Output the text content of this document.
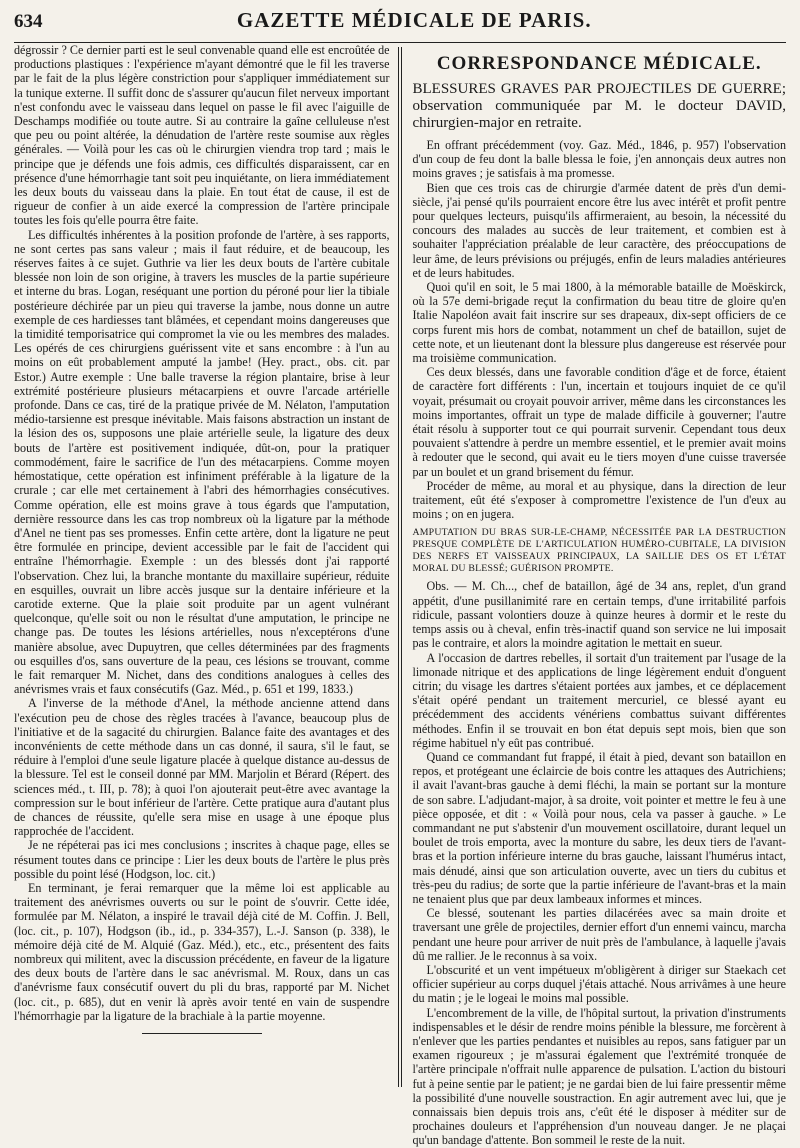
634	GAZETTE MÉDICALE DE PARIS.

dégrossir ? Ce dernier parti est le seul convenable quand elle est encroûtée de productions plastiques : l'expérience m'ayant démontré que le fil les traverse par le fait de la plus légère constriction pour s'appliquer immédiatement sur la tunique externe. Il suffit donc de s'assurer qu'aucun filet nerveux important n'est confondu avec le vaisseau dans lequel on passe le fil avec l'aiguille de Deschamps modifiée ou toute autre. Si au contraire la gaîne celluleuse n'est que peu ou point altérée, la dénudation de l'artère reste soumise aux règles générales. — Voilà pour les cas où le chirurgien viendra trop tard ; mais le principe que je défends une fois admis, ces difficultés disparaissent, car en présence d'une hémorrhagie tant soit peu inquiétante, on liera immédiatement les deux bouts du vaisseau dans la plaie. En tout état de cause, il est de rigueur de confier à un aide exercé la compression de l'artère principale toutes les fois qu'elle pourra être faite.

Les difficultés inhérentes à la position profonde de l'artère, à ses rapports, ne sont certes pas sans valeur ; mais il faut réduire, et de beaucoup, les réserves faites à ce sujet. Guthrie va lier les deux bouts de l'artère cubitale blessée non loin de son origine, à travers les muscles de la partie supérieure et interne du bras. Logan, reséquant une portion du péroné pour lier la tibiale postérieure déchirée par un pieu qui traverse la jambe, nous donne un autre exemple de ces hardiesses tant blâmées, et cependant moins dangereuses que la timidité temporisatrice qui compromet la vie ou les membres des malades. Les opérés de ces chirurgiens guérissent vite et sans encombre : à l'un au moins on eût probablement amputé la jambe! (Hey. pract., obs. cit. par Estor.) Autre exemple : Une balle traverse la région plantaire, brise à leur extrémité postérieure plusieurs métacarpiens et ouvre l'arcade artérielle profonde. Dans ce cas, tiré de la pratique privée de M. Nélaton, l'amputation médio-tarsienne est presque inévitable. Mais faisons abstraction un instant de la lésion des os, supposons une plaie artérielle seule, la ligature des deux bouts de l'artère est positivement indiquée, dût-on, pour la pratiquer commodément, faire le sacrifice de l'un des métacarpiens. Comme moyen hémostatique, cette opération est infiniment préférable à la ligature de la crurale ; car elle met certainement à l'abri des hémorrhagies consécutives. Comme opération, elle est moins grave à tous égards que l'amputation, dernière ressource dans les cas trop nombreux où la ligature par la méthode d'Anel ne tient pas ses promesses. Enfin cette artère, dont la ligature ne peut être formulée en principe, devient accessible par le fait de l'accident qui entraîne l'hémorrhagie. Exemple : un des blessés dont j'ai rapporté l'observation. Chez lui, la branche montante du maxillaire supérieur, réduite en esquilles, ouvrait un libre accès jusque sur la dentaire inférieure et la carotide externe. Que la plaie soit produite par un agent vulnérant quelconque, qu'elle soit ou non le résultat d'une amputation, le principe ne change pas. De toutes les lésions artérielles, nous n'exceptérons d'une manière absolue, avec Dupuytren, que celles déterminées par des fragments ou esquilles d'os, sans ouverture de la peau, ces lésions se trouvant, comme le fait remarquer M. Nichet, dans des conditions analogues à celles des anévrismes vrais et faux consécutifs (Gaz. Méd., p. 651 et 199, 1833.)

A l'inverse de la méthode d'Anel, la méthode ancienne attend dans l'exécution peu de chose des règles tracées à l'avance, beaucoup plus de l'initiative et de la sagacité du chirurgien. Balance faite des avantages et des inconvénients de cette méthode dans un cas donné, il saura, s'il le faut, se réduire à l'emploi d'une seule ligature placée à quelque distance au-dessus de la blessure. Tel est le conseil donné par MM. Marjolin et Bérard (Répert. des sciences méd., t. III, p. 78); à quoi l'on ajouterait peut-être avec avantage la compression sur le bout inférieur de l'artère. Cette pratique aura d'autant plus de chances de réussite, qu'elle sera mise en usage à une époque plus rapprochée de l'accident.

Je ne répéterai pas ici mes conclusions ; inscrites à chaque page, elles se résument toutes dans ce principe : Lier les deux bouts de l'artère le plus près possible du point lésé (Hodgson, loc. cit.)

En terminant, je ferai remarquer que la même loi est applicable au traitement des anévrismes ouverts ou sur le point de s'ouvrir. Cette idée, formulée par M. Nélaton, a inspiré le travail déjà cité de M. Coffin. J. Bell, (loc. cit., p. 107), Hodgson (ib., id., p. 334-357), L.-J. Sanson (p. 338), le mémoire déjà cité de M. Alquié (Gaz. Méd.), etc., etc., présentent des faits nombreux qui militent, avec la discussion précédente, en faveur de la ligature des deux bouts de l'artère dans le sac anévrismal. M. Roux, dans un cas d'anévrisme faux consécutif ouvert du pli du bras, rapporté par M. Nichet (loc. cit., p. 685), dut en venir là après avoir tenté en vain de suspendre l'hémorrhagie par la ligature de la brachiale à la partie moyenne.

CORRESPONDANCE MÉDICALE.

BLESSURES GRAVES PAR PROJECTILES DE GUERRE; observation communiquée par M. le docteur DAVID, chirurgien-major en retraite.

En offrant précédemment (voy. Gaz. Méd., 1846, p. 957) l'observation d'un coup de feu dont la balle blessa le foie, j'en annonçais deux autres non moins graves ; je satisfais à ma promesse.

Bien que ces trois cas de chirurgie d'armée datent de près d'un demi-siècle, j'ai pensé qu'ils pourraient encore être lus avec intérêt et profit pentre pour quelques lecteurs, puisqu'ils affirmeraient, au besoin, la nécessité du concours des malades au succès de leur traitement, et combien est à souhaiter l'appréciation préalable de leur caractère, des préoccupations de leur âme, de leurs prévisions ou préjugés, enfin de leurs maladies antérieures et de leurs habitudes.

Quoi qu'il en soit, le 5 mai 1800, à la mémorable bataille de Moëskirck, où la 57e demi-brigade reçut la confirmation du beau titre de gloire qu'en Italie Napoléon avait fait inscrire sur ses drapeaux, dix-sept officiers de ce corps furent mis hors de combat, notamment un chef de bataillon, sujet de cette note, et un lieutenant dont la blessure plus dangereuse est réservée pour ma troisième communication.

Ces deux blessés, dans une favorable condition d'âge et de force, étaient de caractère fort différents : l'un, incertain et toujours inquiet de ce qu'il voyait, présumait ou croyait pouvoir arriver, même dans les circonstances les moins importantes, offrait un type de malade difficile à gouverner; l'autre était résolu à supporter tout ce qui pourrait survenir. Cependant tous deux pouvaient s'attendre à perdre un membre essentiel, et le premier avait moins à redouter que le second, qui avait eu le tiers moyen d'une cuisse traversée par un boulet et un grand brisement du fémur.

Procéder de même, au moral et au physique, dans la direction de leur traitement, eût été s'exposer à compromettre l'existence de l'un d'eux au moins ; on en jugera.

AMPUTATION DU BRAS SUR-LE-CHAMP, NÉCESSITÉE PAR LA DESTRUCTION PRESQUE COMPLÈTE DE L'ARTICULATION HUMÉRO-CUBITALE, LA DIVISION DES NERFS ET VAISSEAUX PRINCIPAUX, LA SAILLIE DES OS ET L'ÉTAT MORAL DU BLESSÉ; GUÉRISON PROMPTE.

Obs. — M. Ch..., chef de bataillon, âgé de 34 ans, replet, d'un grand appétit, d'une pusillanimité rare en certain temps, d'une irritabilité parfois ridicule, passant volontiers douze à quinze heures à dormir et le reste du temps assis ou à cheval, enfin très-inactif quand son service ne lui imposait pas le contraire, et alors la moindre agitation le mettait en sueur.

A l'occasion de dartres rebelles, il sortait d'un traitement par l'usage de la limonade nitrique et des applications de linge légèrement enduit d'onguent citrin; du visage les dartres s'étaient portées aux jambes, et ce déplacement s'était opéré pendant un traitement mercuriel, ce blessé ayant eu précédemment des accidents vénériens combattus suivant différentes méthodes. Enfin il se trouvait en bon état depuis sept mois, bien que son régime habituel n'y eût pas contribué.

Quand ce commandant fut frappé, il était à pied, devant son bataillon en repos, et protégeant une éclaircie de bois contre les attaques des Autrichiens; il avait l'avant-bras gauche à demi fléchi, la main se portant sur la monture de son sabre. L'adjudant-major, à sa droite, voit pointer et mettre le feu à une pièce opposée, et dit : « Voilà pour nous, cela va passer à gauche. » Le commandant ne put s'abstenir d'un mouvement oscillatoire, durant lequel un boulet de trois emporta, avec la monture du sabre, les deux tiers de l'avant-bras et la portion inférieure interne du bras gauche, laissant l'humérus intact, mais dénudé, ainsi que son articulation ouverte, avec un tiers du cubitus et très-peu du radius; de sorte que la partie inférieure de l'avant-bras et la main ne tenaient plus que par deux lambeaux informes et minces.

Ce blessé, soutenant les parties dilacérées avec sa main droite et traversant une grêle de projectiles, dernier effort d'un ennemi vaincu, marcha pendant une heure pour arriver de nuit près de l'ambulance, à laquelle j'avais dû me rallier. Je le reconnus à sa voix.

L'obscurité et un vent impétueux m'obligèrent à diriger sur Staekach cet officier supérieur au corps duquel j'étais attaché. Nous arrivâmes à une heure du matin ; je le logeai le moins mal possible.

L'encombrement de la ville, de l'hôpital surtout, la privation d'instruments indispensables et le désir de rendre moins pénible la blessure, me forcèrent à n'enlever que les parties pendantes et nuisibles au repos, sans fatiguer par un examen rigoureux ; je m'assurai également que l'extrémité tronquée de l'artère principale n'offrait nulle apparence de pulsation. L'action du bistouri fut à peine sentie par le patient; je ne gardai bien de lui faire pressentir même la possibilité d'une nouvelle soustraction. En agir autrement avec lui, que je connaissais bien depuis trois ans, c'eût été le disposer à méditer sur de prochaines douleurs et l'appréhension d'un nouveau danger. Je ne plaçai qu'un bandage d'attente. Bon sommeil le reste de la nuit.
